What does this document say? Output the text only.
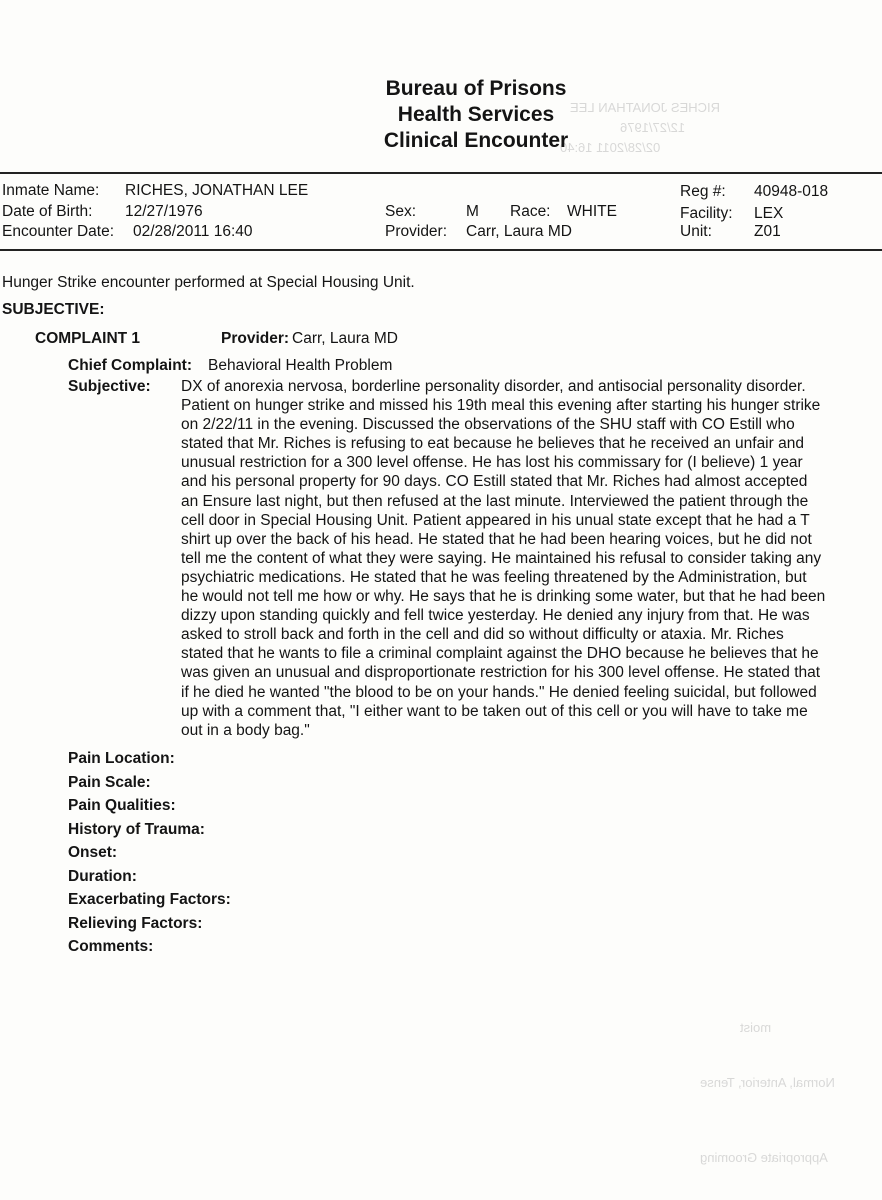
RICHES JONATHAN LEE
12/27/1976
02/28/2011 16:40
moist
Normal, Anterior, Tense
Appropriate Grooming
Bureau of Prisons
Health Services
Clinical Encounter
Inmate Name: RICHES, JONATHAN LEE
Date of Birth: 12/27/1976
Encounter Date: 02/28/2011 16:40
Sex:	M Race: WHITE
Provider: Carr, Laura MD
Reg #: 40948-018
Facility: LEX
Unit:	Z01
Hunger Strike encounter performed at Special Housing Unit.
SUBJECTIVE:
COMPLAINT 1	Provider: Carr, Laura MD
Chief Complaint: Behavioral Health Problem
Subjective: DX of anorexia nervosa, borderline personality disorder, and antisocial personality disorder.
Patient on hunger strike and missed his 19th meal this evening after starting his hunger strike
on 2/22/11 in the evening. Discussed the observations of the SHU staff with CO Estill who
stated that Mr. Riches is refusing to eat because he believes that he received an unfair and
unusual restriction for a 300 level offense. He has lost his commissary for (I believe) 1 year
and his personal property for 90 days. CO Estill stated that Mr. Riches had almost accepted
an Ensure last night, but then refused at the last minute. Interviewed the patient through the
cell door in Special Housing Unit. Patient appeared in his unual state except that he had a T
shirt up over the back of his head. He stated that he had been hearing voices, but he did not
tell me the content of what they were saying. He maintained his refusal to consider taking any
psychiatric medications. He stated that he was feeling threatened by the Administration, but
he would not tell me how or why. He says that he is drinking some water, but that he had been
dizzy upon standing quickly and fell twice yesterday. He denied any injury from that. He was
asked to stroll back and forth in the cell and did so without difficulty or ataxia. Mr. Riches
stated that he wants to file a criminal complaint against the DHO because he believes that he
was given an unusual and disproportionate restriction for his 300 level offense. He stated that
if he died he wanted "the blood to be on your hands." He denied feeling suicidal, but followed
up with a comment that, "I either want to be taken out of this cell or you will have to take me
out in a body bag."
Pain Location:
Pain Scale:
Pain Qualities:
History of Trauma:
Onset:
Duration:
Exacerbating Factors:
Relieving Factors:
Comments:
